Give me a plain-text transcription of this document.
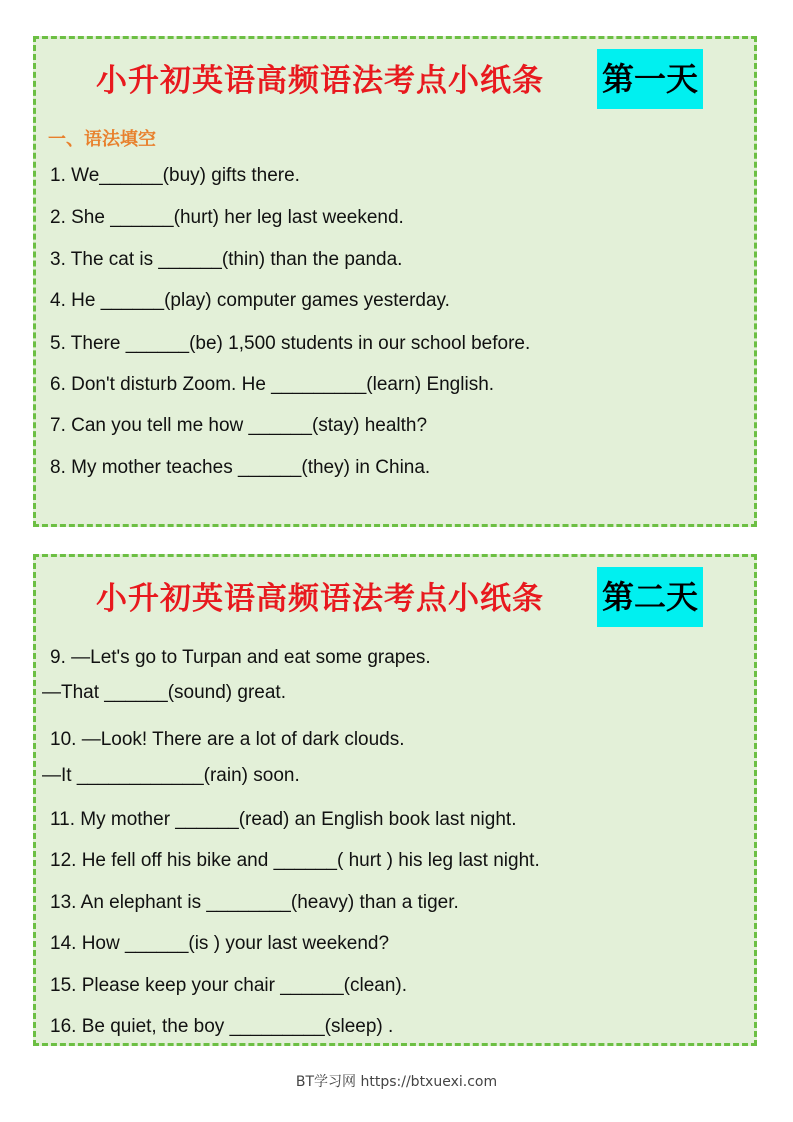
小升初英语高频语法考点小纸条 第一天
一、语法填空
1. We______(buy) gifts there.
2. She ______(hurt) her leg last weekend.
3. The cat is ______(thin) than the panda.
4. He ______(play) computer games yesterday.
5. There ______(be) 1,500 students in our school before.
6. Don't disturb Zoom. He _________(learn) English.
7. Can you tell me how ______(stay) health?
8. My mother teaches ______(they) in China.
小升初英语高频语法考点小纸条 第二天
9. —Let's go to Turpan and eat some grapes.
—That ______(sound) great.
10. —Look! There are a lot of dark clouds.
—It ____________(rain) soon.
11. My mother ______(read) an English book last night.
12. He fell off his bike and ______( hurt ) his leg last night.
13. An elephant is ________(heavy) than a tiger.
14. How ______(is ) your last weekend?
15. Please keep your chair ______(clean).
16. Be quiet, the boy _________(sleep) .
BT学习网 https://btxuexi.com
